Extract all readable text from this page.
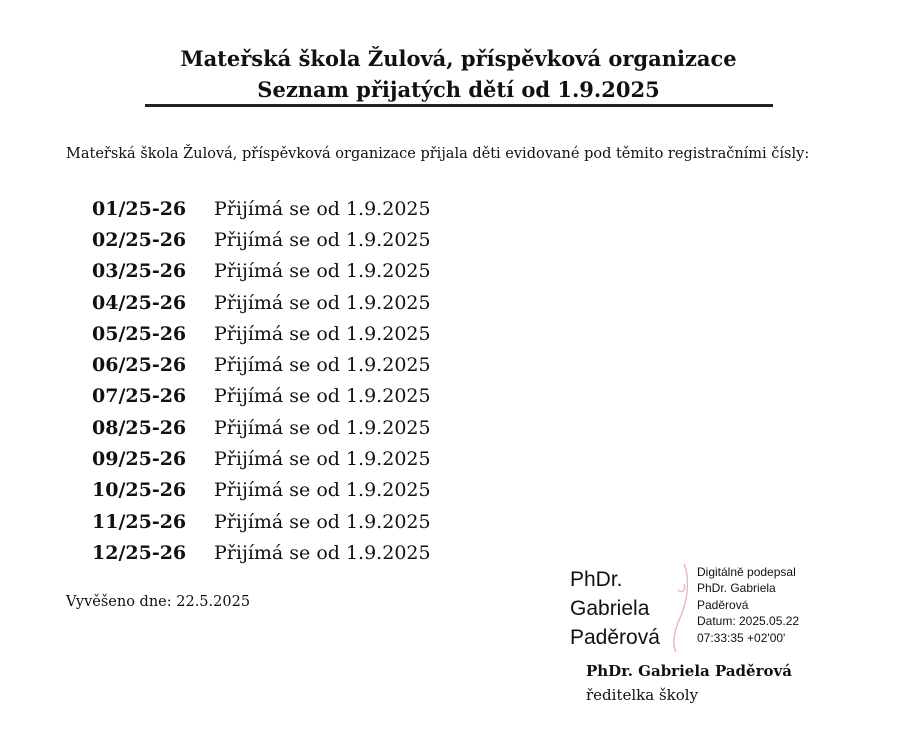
Mateřská škola Žulová, příspěvková organizace
Seznam přijatých dětí od 1.9.2025
Mateřská škola Žulová, příspěvková organizace přijala děti evidované pod těmito registračními čísly:
01/25-26	Přijímá se od 1.9.2025
02/25-26	Přijímá se od 1.9.2025
03/25-26	Přijímá se od 1.9.2025
04/25-26	Přijímá se od 1.9.2025
05/25-26	Přijímá se od 1.9.2025
06/25-26	Přijímá se od 1.9.2025
07/25-26	Přijímá se od 1.9.2025
08/25-26	Přijímá se od 1.9.2025
09/25-26	Přijímá se od 1.9.2025
10/25-26	Přijímá se od 1.9.2025
11/25-26	Přijímá se od 1.9.2025
12/25-26	Přijímá se od 1.9.2025
Vyvěšeno dne: 22.5.2025
PhDr.
Gabriela
Paděrová
Digitálně podepsal
PhDr. Gabriela
Paděrová
Datum: 2025.05.22
07:33:35 +02'00'
PhDr. Gabriela Paděrová
ředitelka školy
